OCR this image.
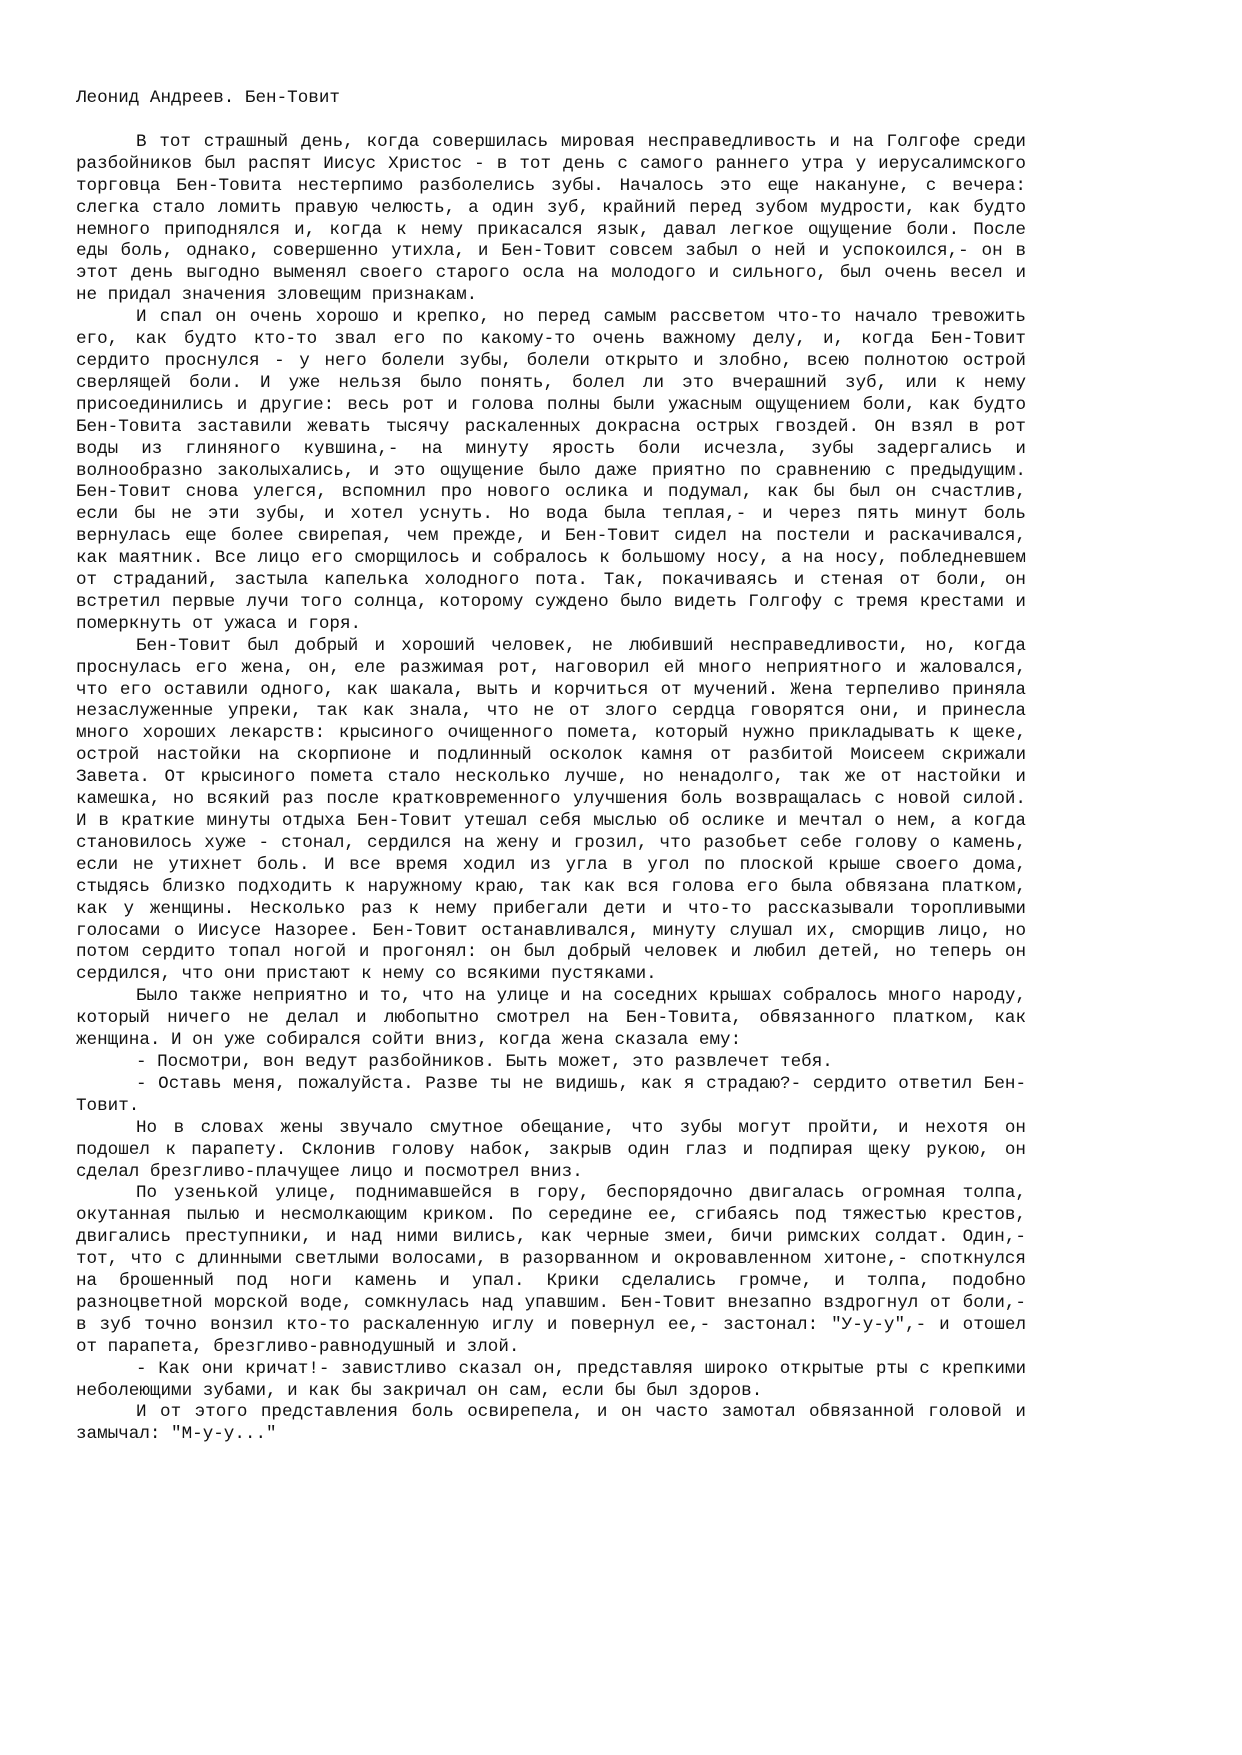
Леонид Андреев. Бен-Товит

В тот страшный день, когда совершилась мировая несправедливость и на Голгофе среди разбойников был распят Иисус Христос - в тот день с самого раннего утра у иерусалимского торговца Бен-Товита нестерпимо разболелись зубы. Началось это еще накануне, с вечера: слегка стало ломить правую челюсть, а один зуб, крайний перед зубом мудрости, как будто немного приподнялся и, когда к нему прикасался язык, давал легкое ощущение боли. После еды боль, однако, совершенно утихла, и Бен-Товит совсем забыл о ней и успокоился,- он в этот день выгодно выменял своего старого осла на молодого и сильного, был очень весел и не придал значения зловещим признакам.

И спал он очень хорошо и крепко, но перед самым рассветом что-то начало тревожить его, как будто кто-то звал его по какому-то очень важному делу, и, когда Бен-Товит сердито проснулся - у него болели зубы, болели открыто и злобно, всею полнотою острой сверлящей боли. И уже нельзя было понять, болел ли это вчерашний зуб, или к нему присоединились и другие: весь рот и голова полны были ужасным ощущением боли, как будто Бен-Товита заставили жевать тысячу раскаленных докрасна острых гвоздей. Он взял в рот воды из глиняного кувшина,- на минуту ярость боли исчезла, зубы задергались и волнообразно заколыхались, и это ощущение было даже приятно по сравнению с предыдущим. Бен-Товит снова улегся, вспомнил про нового ослика и подумал, как бы был он счастлив, если бы не эти зубы, и хотел уснуть. Но вода была теплая,- и через пять минут боль вернулась еще более свирепая, чем прежде, и Бен-Товит сидел на постели и раскачивался, как маятник. Все лицо его сморщилось и собралось к большому носу, а на носу, побледневшем от страданий, застыла капелька холодного пота. Так, покачиваясь и стеная от боли, он встретил первые лучи того солнца, которому суждено было видеть Голгофу с тремя крестами и померкнуть от ужаса и горя.

Бен-Товит был добрый и хороший человек, не любивший несправедливости, но, когда проснулась его жена, он, еле разжимая рот, наговорил ей много неприятного и жаловался, что его оставили одного, как шакала, выть и корчиться от мучений. Жена терпеливо приняла незаслуженные упреки, так как знала, что не от злого сердца говорятся они, и принесла много хороших лекарств: крысиного очищенного помета, который нужно прикладывать к щеке, острой настойки на скорпионе и подлинный осколок камня от разбитой Моисеем скрижали Завета. От крысиного помета стало несколько лучше, но ненадолго, так же от настойки и камешка, но всякий раз после кратковременного улучшения боль возвращалась с новой силой. И в краткие минуты отдыха Бен-Товит утешал себя мыслью об ослике и мечтал о нем, а когда становилось хуже - стонал, сердился на жену и грозил, что разобьет себе голову о камень, если не утихнет боль. И все время ходил из угла в угол по плоской крыше своего дома, стыдясь близко подходить к наружному краю, так как вся голова его была обвязана платком, как у женщины. Несколько раз к нему прибегали дети и что-то рассказывали торопливыми голосами о Иисусе Назорее. Бен-Товит останавливался, минуту слушал их, сморщив лицо, но потом сердито топал ногой и прогонял: он был добрый человек и любил детей, но теперь он сердился, что они пристают к нему со всякими пустяками.

Было также неприятно и то, что на улице и на соседних крышах собралось много народу, который ничего не делал и любопытно смотрел на Бен-Товита, обвязанного платком, как женщина. И он уже собирался сойти вниз, когда жена сказала ему:

- Посмотри, вон ведут разбойников. Быть может, это развлечет тебя.

- Оставь меня, пожалуйста. Разве ты не видишь, как я страдаю?- сердито ответил Бен-Товит.

Но в словах жены звучало смутное обещание, что зубы могут пройти, и нехотя он подошел к парапету. Склонив голову набок, закрыв один глаз и подпирая щеку рукою, он сделал брезгливо-плачущее лицо и посмотрел вниз.

По узенькой улице, поднимавшейся в гору, беспорядочно двигалась огромная толпа, окутанная пылью и несмолкающим криком. По середине ее, сгибаясь под тяжестью крестов, двигались преступники, и над ними вились, как черные змеи, бичи римских солдат. Один,- тот, что с длинными светлыми волосами, в разорванном и окровавленном хитоне,- споткнулся на брошенный под ноги камень и упал. Крики сделались громче, и толпа, подобно разноцветной морской воде, сомкнулась над упавшим. Бен-Товит внезапно вздрогнул от боли,- в зуб точно вонзил кто-то раскаленную иглу и повернул ее,- застонал: "У-у-у",- и отошел от парапета, брезгливо-равнодушный и злой.

- Как они кричат!- завистливо сказал он, представляя широко открытые рты с крепкими неболеющими зубами, и как бы закричал он сам, если бы был здоров.

И от этого представления боль освирепела, и он часто замотал обвязанной головой и замычал: "М-у-у..."
